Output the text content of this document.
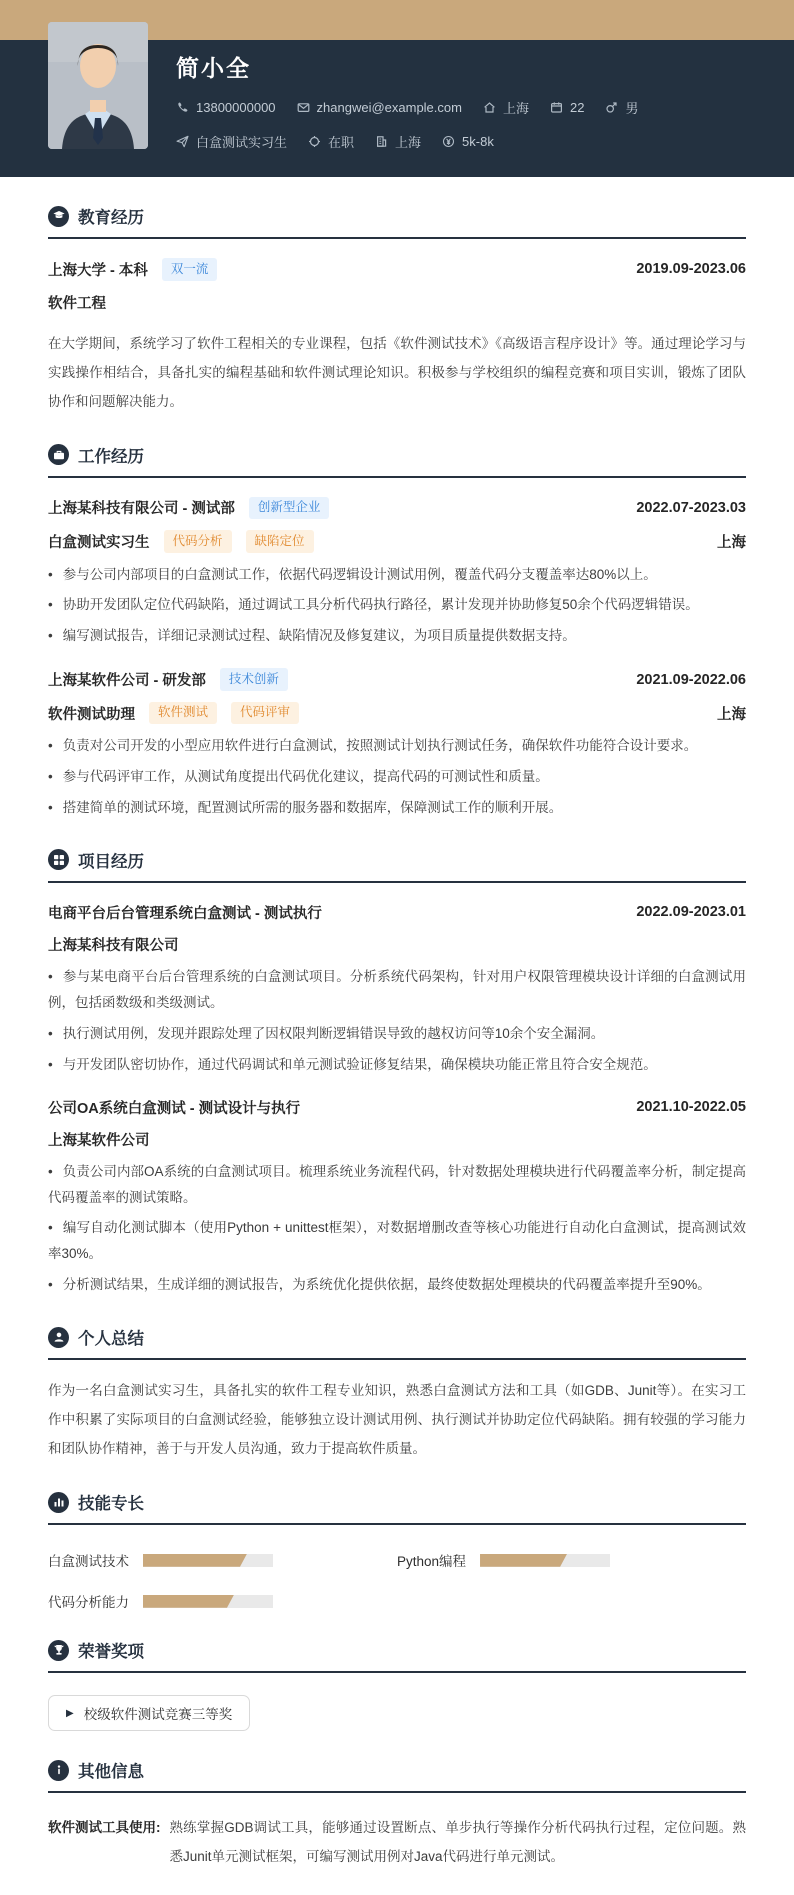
简小全
13800000000	zhangwei@example.com	上海	22	男
白盒测试实习生	在职	上海	5k-8k
教育经历
上海大学 - 本科	双一流	2019.09-2023.06
软件工程

在大学期间，系统学习了软件工程相关的专业课程，包括《软件测试技术》《高级语言程序设计》等。通过理论学习与实践操作相结合，具备扎实的编程基础和软件测试理论知识。积极参与学校组织的编程竞赛和项目实训，锻炼了团队协作和问题解决能力。

工作经历
上海某科技有限公司 - 测试部	创新型企业	2022.07-2023.03
白盒测试实习生	代码分析	缺陷定位	上海
• 参与公司内部项目的白盒测试工作，依据代码逻辑设计测试用例，覆盖代码分支覆盖率达80%以上。
• 协助开发团队定位代码缺陷，通过调试工具分析代码执行路径，累计发现并协助修复50余个代码逻辑错误。
• 编写测试报告，详细记录测试过程、缺陷情况及修复建议，为项目质量提供数据支持。
上海某软件公司 - 研发部	技术创新	2021.09-2022.06
软件测试助理	软件测试	代码评审	上海
• 负责对公司开发的小型应用软件进行白盒测试，按照测试计划执行测试任务，确保软件功能符合设计要求。
• 参与代码评审工作，从测试角度提出代码优化建议，提高代码的可测试性和质量。
• 搭建简单的测试环境，配置测试所需的服务器和数据库，保障测试工作的顺利开展。
项目经历
电商平台后台管理系统白盒测试 - 测试执行	2022.09-2023.01
上海某科技有限公司
• 参与某电商平台后台管理系统的白盒测试项目。分析系统代码架构，针对用户权限管理模块设计详细的白盒测试用例，包括函数级和类级测试。
• 执行测试用例，发现并跟踪处理了因权限判断逻辑错误导致的越权访问等10余个安全漏洞。
• 与开发团队密切协作，通过代码调试和单元测试验证修复结果，确保模块功能正常且符合安全规范。
公司OA系统白盒测试 - 测试设计与执行	2021.10-2022.05
上海某软件公司
• 负责公司内部OA系统的白盒测试项目。梳理系统业务流程代码，针对数据处理模块进行代码覆盖率分析，制定提高代码覆盖率的测试策略。
• 编写自动化测试脚本（使用Python + unittest框架），对数据增删改查等核心功能进行自动化白盒测试，提高测试效率30%。
• 分析测试结果，生成详细的测试报告，为系统优化提供依据，最终使数据处理模块的代码覆盖率提升至90%。
个人总结

作为一名白盒测试实习生，具备扎实的软件工程专业知识，熟悉白盒测试方法和工具（如GDB、Junit等）。在实习工作中积累了实际项目的白盒测试经验，能够独立设计测试用例、执行测试并协助定位代码缺陷。拥有较强的学习能力和团队协作精神，善于与开发人员沟通，致力于提高软件质量。

技能专长
白盒测试技术	Python编程
代码分析能力
荣誉奖项
▶ 校级软件测试竞赛三等奖
其他信息
软件测试工具使用: 熟练掌握GDB调试工具，能够通过设置断点、单步执行等操作分析代码执行过程，定位问题。熟悉Junit单元测试框架，可编写测试用例对Java代码进行单元测试。
